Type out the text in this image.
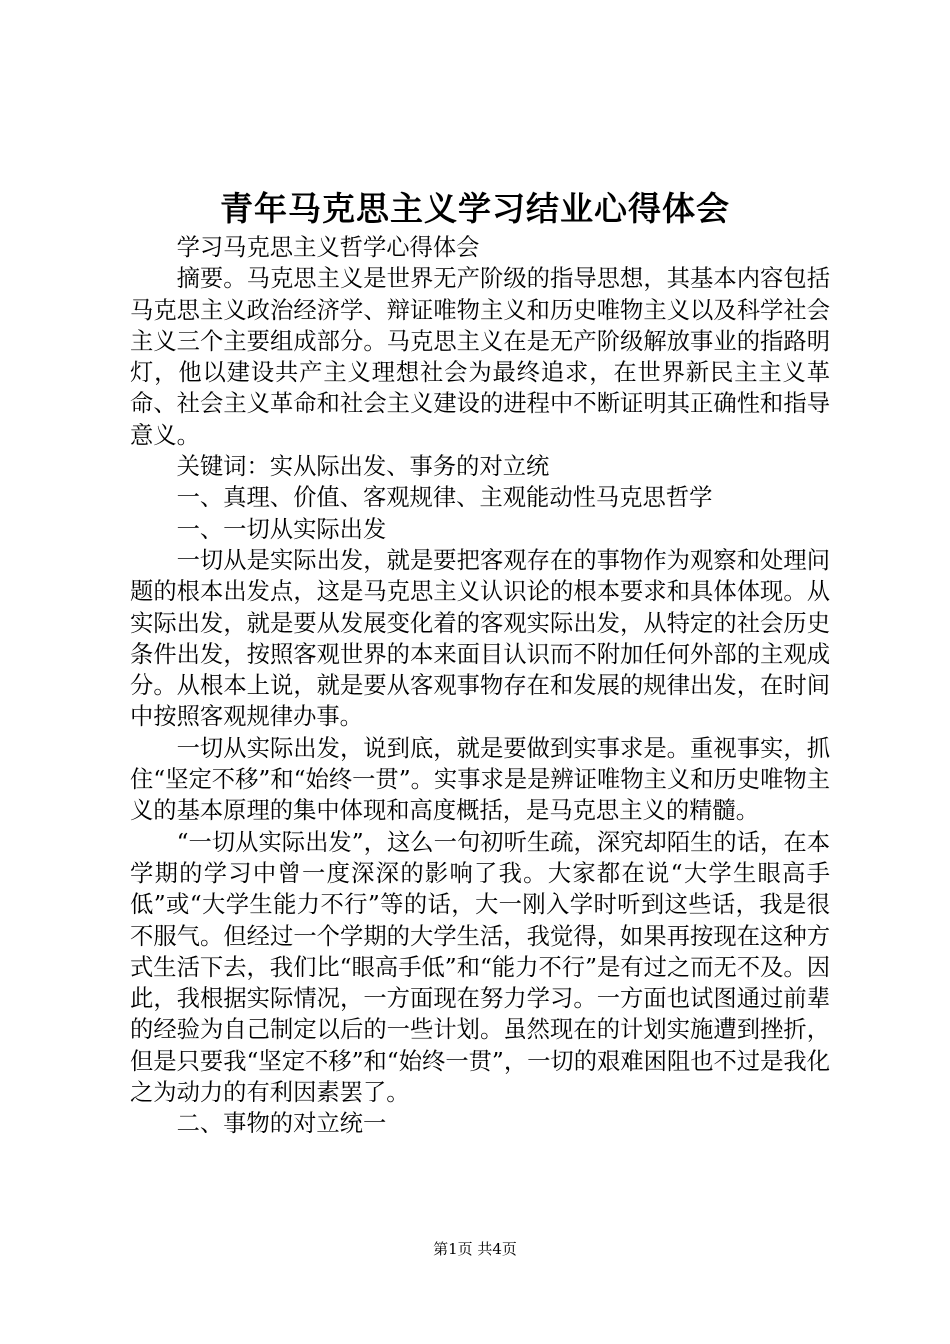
青年马克思主义学习结业心得体会

学习马克思主义哲学心得体会

摘要。马克思主义是世界无产阶级的指导思想，其基本内容包括马克思主义政治经济学、辩证唯物主义和历史唯物主义以及科学社会主义三个主要组成部分。马克思主义在是无产阶级解放事业的指路明灯，他以建设共产主义理想社会为最终追求，在世界新民主主义革命、社会主义革命和社会主义建设的进程中不断证明其正确性和指导意义。

关键词：实从际出发、事务的对立统

一、真理、价值、客观规律、主观能动性马克思哲学

一、一切从实际出发

一切从是实际出发，就是要把客观存在的事物作为观察和处理问题的根本出发点，这是马克思主义认识论的根本要求和具体体现。从实际出发，就是要从发展变化着的客观实际出发，从特定的社会历史条件出发，按照客观世界的本来面目认识而不附加任何外部的主观成分。从根本上说，就是要从客观事物存在和发展的规律出发，在时间中按照客观规律办事。

一切从实际出发，说到底，就是要做到实事求是。重视事实，抓住“坚定不移”和“始终一贯”。实事求是是辨证唯物主义和历史唯物主义的基本原理的集中体现和高度概括，是马克思主义的精髓。

“一切从实际出发”，这么一句初听生疏，深究却陌生的话，在本学期的学习中曾一度深深的影响了我。大家都在说“大学生眼高手低”或“大学生能力不行”等的话，大一刚入学时听到这些话，我是很不服气。但经过一个学期的大学生活，我觉得，如果再按现在这种方式生活下去，我们比“眼高手低”和“能力不行”是有过之而无不及。因此，我根据实际情况，一方面现在努力学习。一方面也试图通过前辈的经验为自己制定以后的一些计划。虽然现在的计划实施遭到挫折，但是只要我“坚定不移”和“始终一贯”，一切的艰难困阻也不过是我化之为动力的有利因素罢了。

二、事物的对立统一

第1页 共4页
